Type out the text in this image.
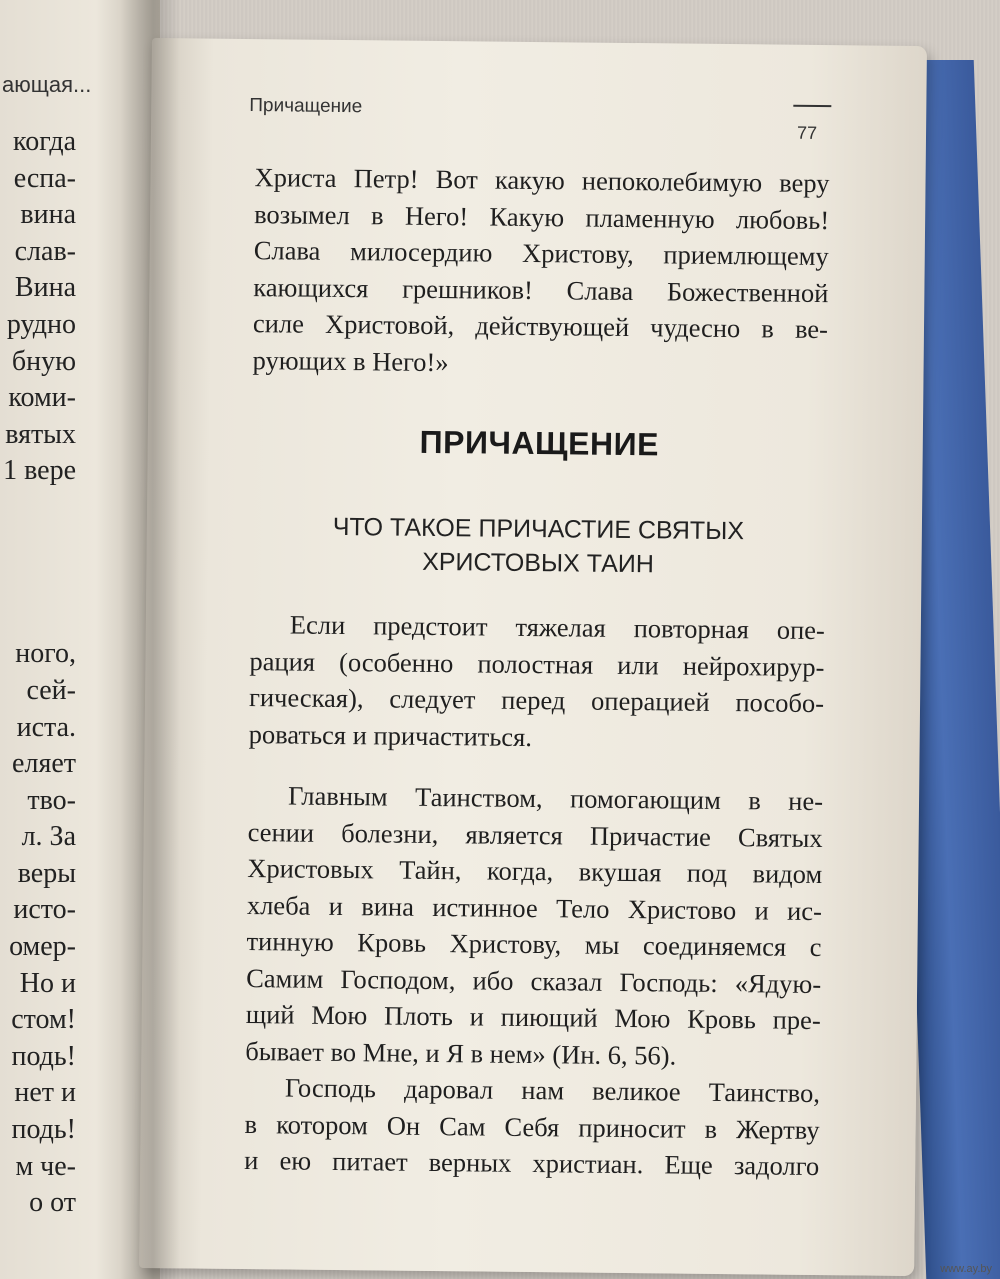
ающая...
когда
еспа-
вина
слав-
Вина
рудно
бную
коми-
вятых
1 вере
ного,
сей-
иста.
еляет
тво-
л. За
веры
исто-
омер-
Но и
стом!
подь!
нет и
подь!
м че-
о от
Причащение
77
Христа Петр! Вот какую непоколебимую веру
возымел в Него! Какую пламенную любовь!
Слава милосердию Христову, приемлющему
кающихся грешников! Слава Божественной
силе Христовой, действующей чудесно в ве-
рующих в Него!»
ПРИЧАЩЕНИЕ
ЧТО ТАКОЕ ПРИЧАСТИЕ СВЯТЫХ
ХРИСТОВЫХ ТАИН
Если предстоит тяжелая повторная опе-
рация (особенно полостная или нейрохирур-
гическая), следует перед операцией пособо-
роваться и причаститься.
Главным Таинством, помогающим в не-
сении болезни, является Причастие Святых
Христовых Тайн, когда, вкушая под видом
хлеба и вина истинное Тело Христово и ис-
тинную Кровь Христову, мы соединяемся с
Самим Господом, ибо сказал Господь: «Ядую-
щий Мою Плоть и пиющий Мою Кровь пре-
бывает во Мне, и Я в нем» (Ин. 6, 56).
Господь даровал нам великое Таинство,
в котором Он Сам Себя приносит в Жертву
и ею питает верных христиан. Еще задолго
www.ay.by
